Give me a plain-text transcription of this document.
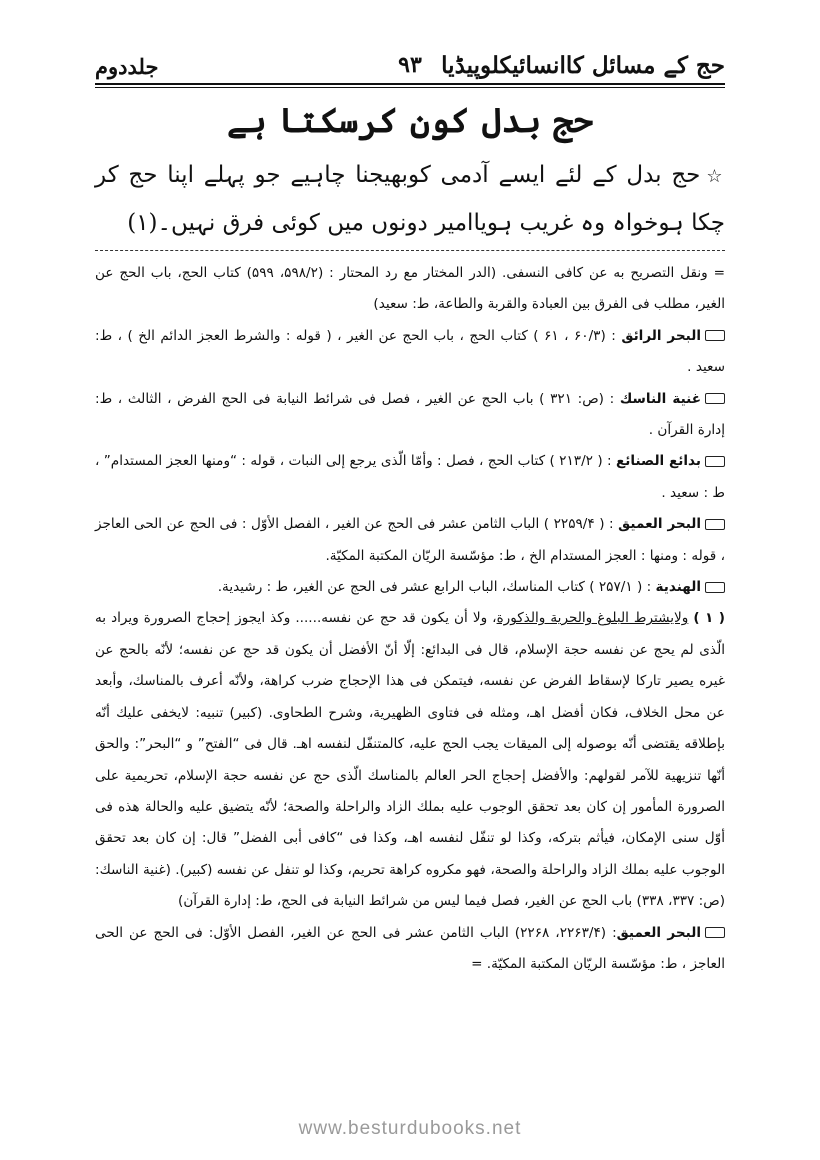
حج کے مسائل کاانسائیکلوپیڈیا
۹۳
جلددوم
حج بدل کون کرسکتا ہے
☆حج بدل کے لئے ایسے آدمی کوبھیجنا چاہیے جو پہلے اپنا حج کر چکا ہوخواہ وہ غریب ہویاامیر دونوں میں کوئی فرق نہیں۔(۱)

= ونقل التصريح به عن كافى النسفى. (الدر المختار مع رد المحتار : (۵۹۸/۲، ۵۹۹) كتاب الحج، باب الحج عن الغير، مطلب فى الفرق بين العبادة والقربة والطاعة، ط: سعيد)

البحر الرائق : (۶۰/۳ ، ۶۱ ) كتاب الحج ، باب الحج عن الغير ، ( قوله : والشرط العجز الدائم الخ ) ، ط: سعيد .

غنية الناسك : (ص: ۳۲۱ ) باب الحج عن الغير ، فصل فى شرائط النيابة فى الحج الفرض ، الثالث ، ط: إدارة القرآن .

بدائع الصنائع : ( ۲۱۳/۲ ) كتاب الحج ، فصل : وأمّا الّذى يرجع إلى النبات ، قوله : “ومنها العجز المستدام” ، ط : سعيد .

البحر العميق : ( ۲۲۵۹/۴ ) الباب الثامن عشر فى الحج عن الغير ، الفصل الأوّل : فى الحج عن الحى العاجز ، قوله : ومنها : العجز المستدام الخ ، ط: مؤسّسة الريّان المكتبة المكيّة.

الهندية : ( ۲۵۷/۱ ) كتاب المناسك، الباب الرابع عشر فى الحج عن الغير، ط : رشيدية.

( ۱ ) ولايشترط البلوغ والحرية والذكورة، ولا أن يكون قد حج عن نفسه...... وكذ ايجوز إحجاج الصرورة ويراد به الّذى لم يحج عن نفسه حجة الإسلام، قال فى البدائع: إلّا أنّ الأفضل أن يكون قد حج عن نفسه؛ لأنّه بالحج عن غيره يصير تاركا لإسقاط الفرض عن نفسه، فيتمكن فى هذا الإحجاج ضرب كراهة، ولأنّه أعرف بالمناسك، وأبعد عن محل الخلاف، فكان أفضل اهـ، ومثله فى فتاوى الظهيرية، وشرح الطحاوى. (كبير) تنبيه: لايخفى عليك أنّه بإطلاقه يقتضى أنّه بوصوله إلى الميقات يجب الحج عليه، كالمتنفّل لنفسه اهـ. قال فى “الفتح” و “البحر”: والحق أنّها تنزيهية للآمر لقولهم: والأفضل إحجاج الحر العالم بالمناسك الّذى حج عن نفسه حجة الإسلام، تحريمية على الصرورة المأمور إن كان بعد تحقق الوجوب عليه بملك الزاد والراحلة والصحة؛ لأنّه يتضيق عليه والحالة هذه فى أوّل سنى الإمكان، فيأثم بتركه، وكذا لو تنفّل لنفسه اهـ، وكذا فى “كافى أبى الفضل” قال: إن كان بعد تحقق الوجوب عليه بملك الزاد والراحلة والصحة، فهو مكروه كراهة تحريم، وكذا لو تنفل عن نفسه (كبير). (غنية الناسك: (ص: ۳۳۷، ۳۳۸) باب الحج عن الغير، فصل فيما ليس من شرائط النيابة فى الحج، ط: إدارة القرآن)

البحر العميق: (۲۲۶۳/۴، ۲۲۶۸) الباب الثامن عشر فى الحج عن الغير، الفصل الأوّل: فى الحج عن الحى العاجز ، ط: مؤسّسة الريّان المكتبة المكيّة. =

www.besturdubooks.net
